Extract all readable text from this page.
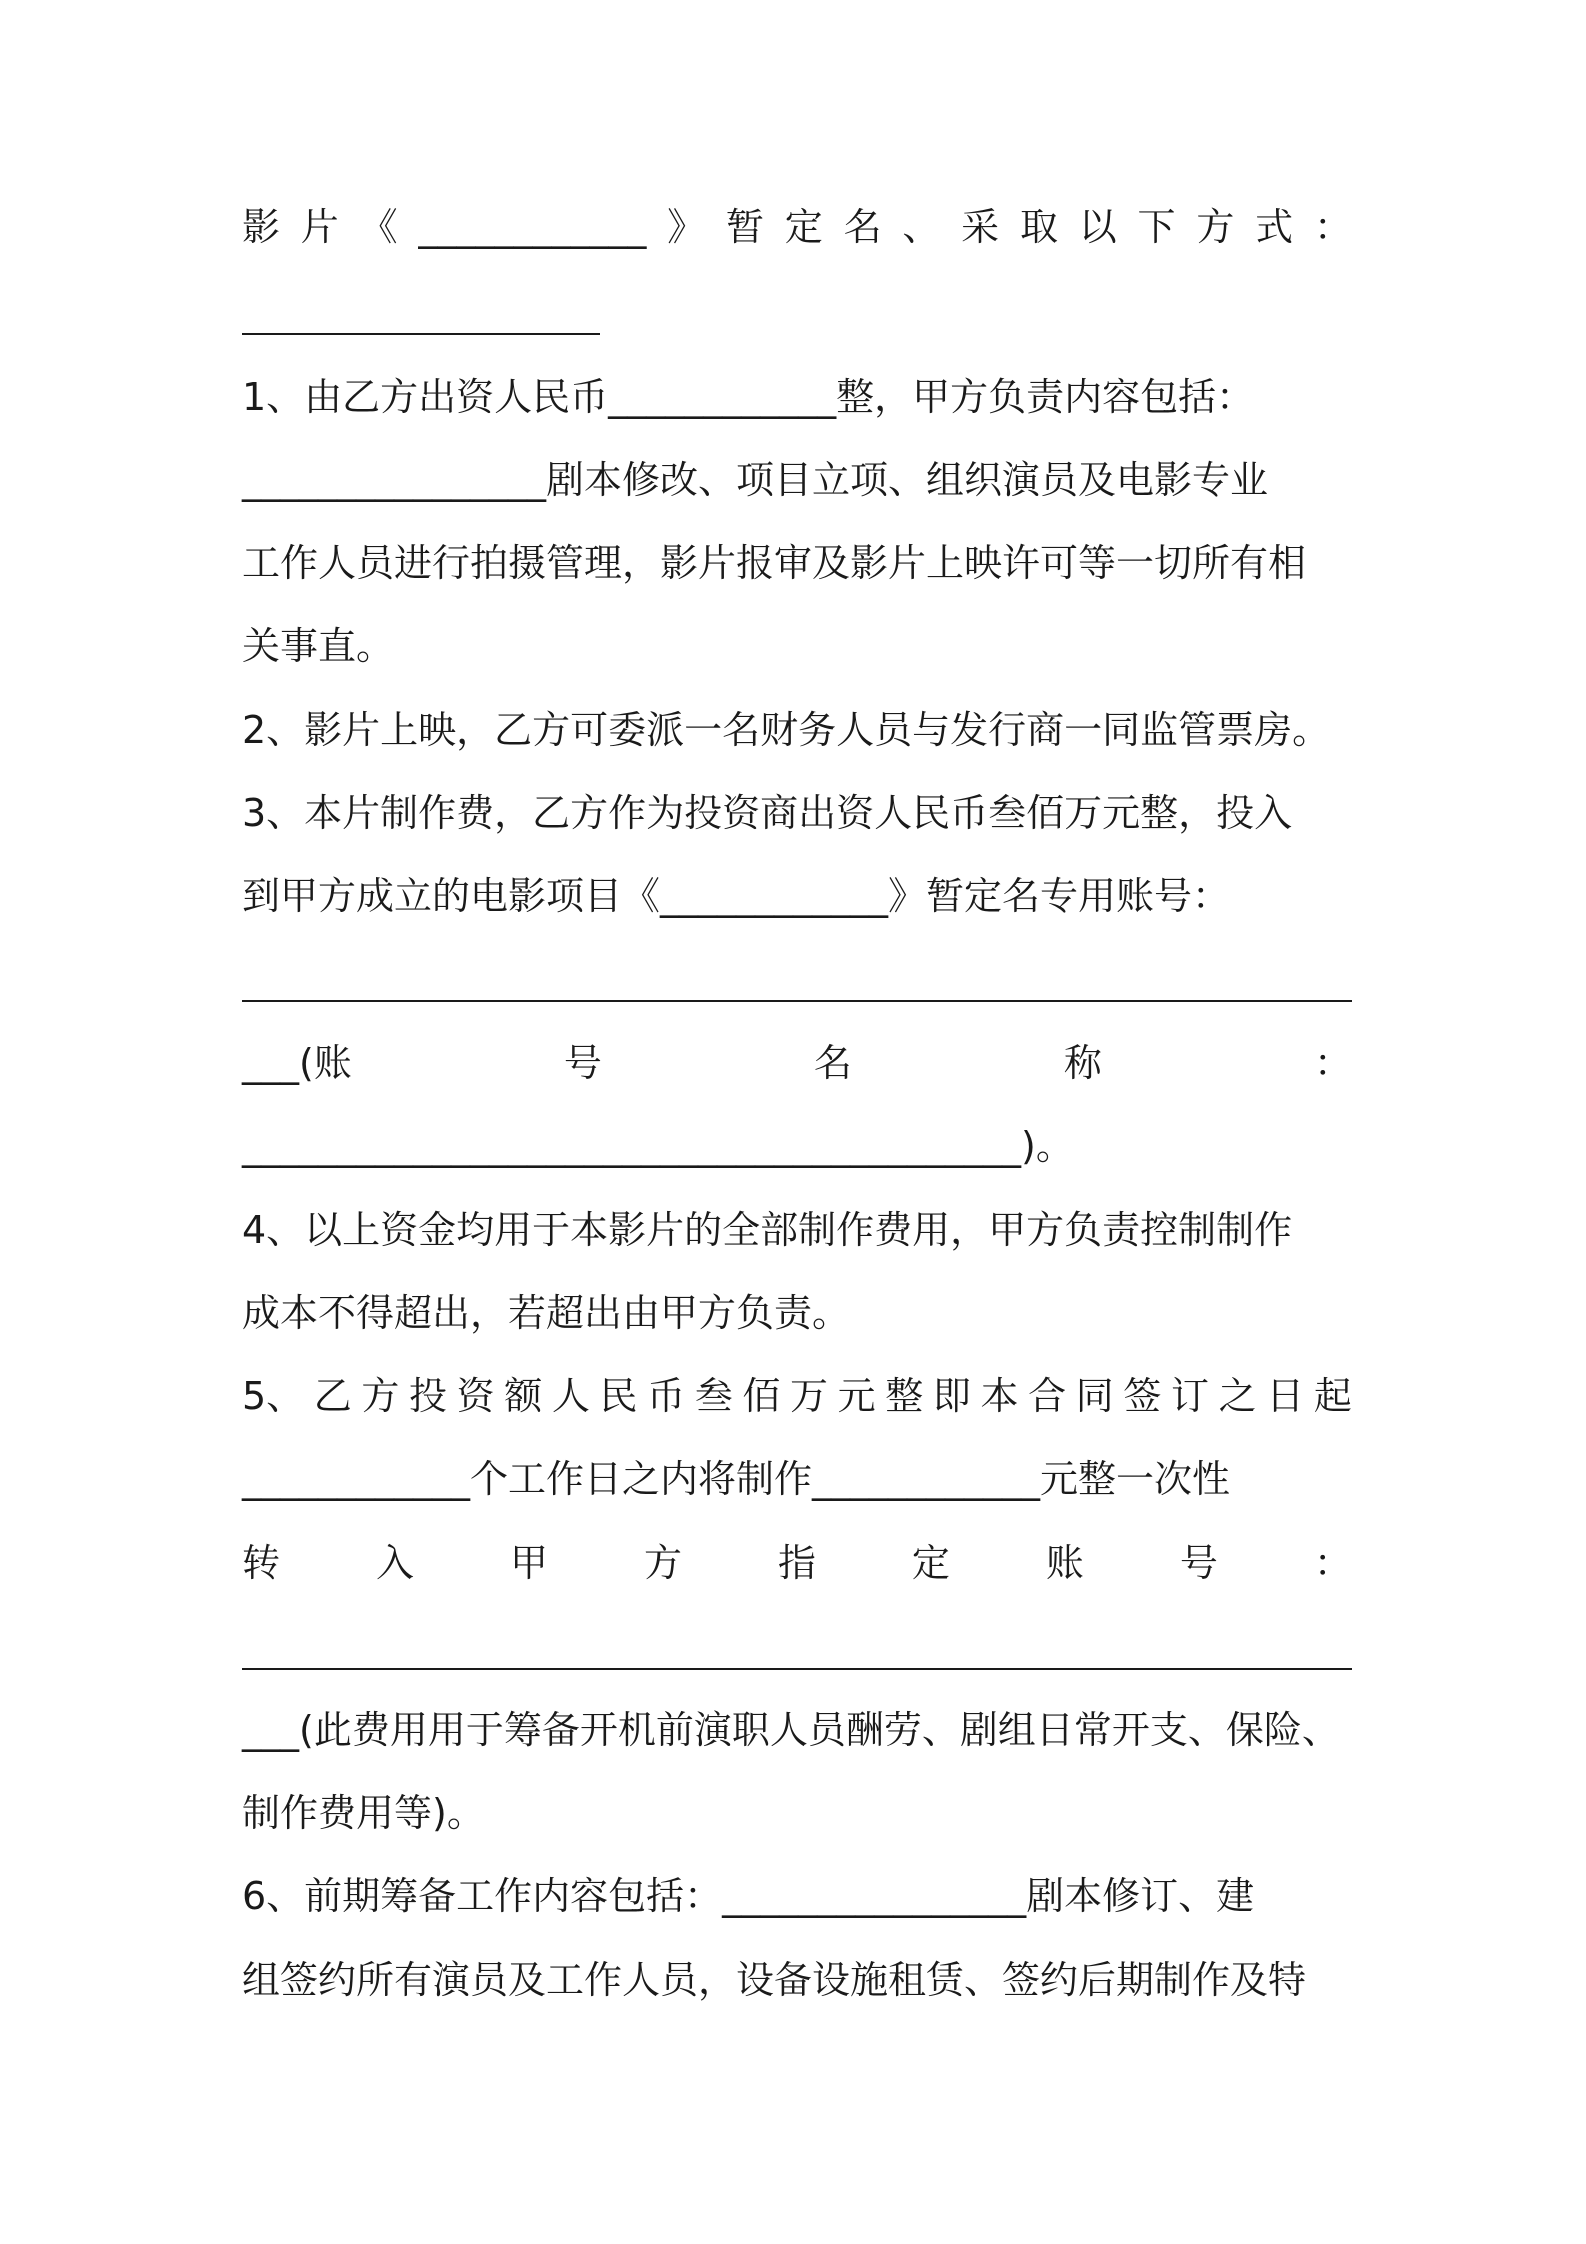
影 片 《 ____________ 》 暂 定 名 、 采 取 以 下 方 式 ：
1、由乙方出资人民币____________整，甲方负责内容包括：
________________剧本修改、项目立项、组织演员及电影专业
工作人员进行拍摄管理，影片报审及影片上映许可等一切所有相
关事直。
2、影片上映，乙方可委派一名财务人员与发行商一同监管票房。
3、本片制作费，乙方作为投资商出资人民币叁佰万元整，投入
到甲方成立的电影项目《____________》暂定名专用账号：
___(账	号	名	称	：
_________________________________________)。
4、以上资金均用于本影片的全部制作费用，甲方负责控制制作
成本不得超出，若超出由甲方负责。
5、 乙 方 投 资 额 人 民 币 叁 佰 万 元 整 即 本 合 同 签 订 之 日 起
____________个工作日之内将制作____________元整一次性
转	入	甲	方	指	定	账	号	：
___(此费用用于筹备开机前演职人员酬劳、剧组日常开支、保险、
制作费用等)。
6、前期筹备工作内容包括：________________剧本修订、建
组签约所有演员及工作人员，设备设施租赁、签约后期制作及特
